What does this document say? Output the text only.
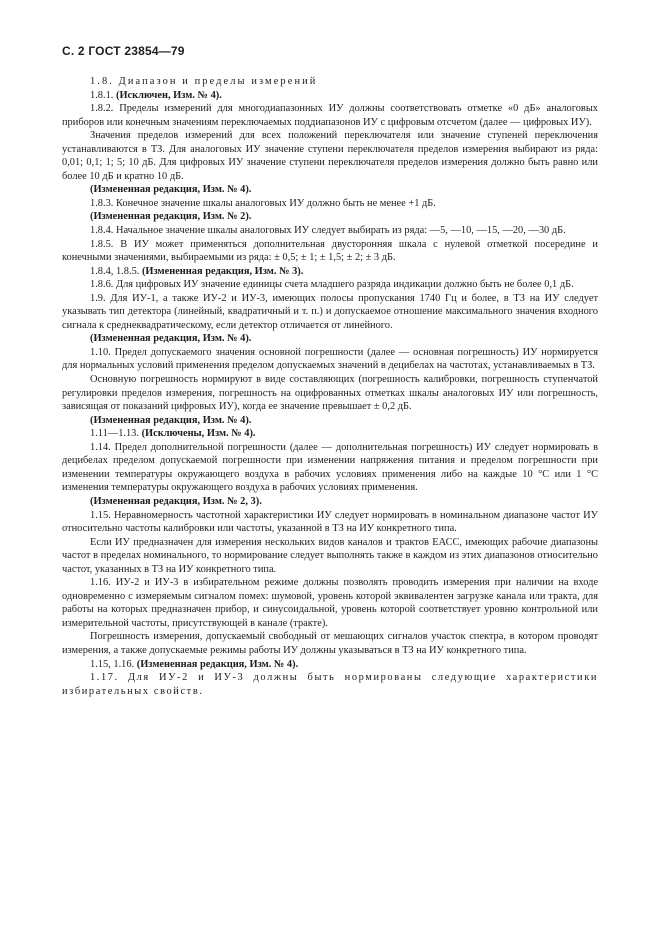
С. 2 ГОСТ 23854—79

1.8. Диапазон и пределы измерений

1.8.1. (Исключен, Изм. № 4).

1.8.2. Пределы измерений для многодиапазонных ИУ должны соответствовать отметке «0 дБ» аналоговых приборов или конечным значениям переключаемых поддиапазонов ИУ с цифровым отсчетом (далее — цифровых ИУ).

Значения пределов измерений для всех положений переключателя или значение ступеней переключения устанавливаются в ТЗ. Для аналоговых ИУ значение ступени переключателя пределов измерения выбирают из ряда: 0,01; 0,1; 1; 5; 10 дБ. Для цифровых ИУ значение ступени переключателя пределов измерения должно быть равно или более 10 дБ и кратно 10 дБ.

(Измененная редакция, Изм. № 4).

1.8.3. Конечное значение шкалы аналоговых ИУ должно быть не менее +1 дБ.

(Измененная редакция, Изм. № 2).

1.8.4. Начальное значение шкалы аналоговых ИУ следует выбирать из ряда: —5, —10, —15, —20, —30 дБ.

1.8.5. В ИУ может применяться дополнительная двусторонняя шкала с нулевой отметкой посередине и конечными значениями, выбираемыми из ряда: ± 0,5; ± 1; ± 1,5; ± 2; ± 3 дБ.

1.8.4, 1.8.5. (Измененная редакция, Изм. № 3).

1.8.6. Для цифровых ИУ значение единицы счета младшего разряда индикации должно быть не более 0,1 дБ.

1.9. Для ИУ-1, а также ИУ-2 и ИУ-3, имеющих полосы пропускания 1740 Гц и более, в ТЗ на ИУ следует указывать тип детектора (линейный, квадратичный и т. п.) и допускаемое отношение максимального значения входного сигнала к среднеквадратическому, если детектор отличается от линейного.

(Измененная редакция, Изм. № 4).

1.10. Предел допускаемого значения основной погрешности (далее — основная погрешность) ИУ нормируется для нормальных условий применения пределом допускаемых значений в децибелах на частотах, устанавливаемых в ТЗ.

Основную погрешность нормируют в виде составляющих (погрешность калибровки, погрешность ступенчатой регулировки пределов измерения, погрешность на оцифрованных отметках шкалы аналоговых ИУ или погрешность, зависящая от показаний цифровых ИУ), когда ее значение превышает ± 0,2 дБ.

(Измененная редакция, Изм. № 4).

1.11—1.13. (Исключены, Изм. № 4).

1.14. Предел дополнительной погрешности (далее — дополнительная погрешность) ИУ следует нормировать в децибелах пределом допускаемой погрешности при изменении напряжения питания и пределом погрешности при изменении температуры окружающего воздуха в рабочих условиях применения либо на каждые 10 °С или 1 °С изменения температуры окружающего воздуха в рабочих условиях применения.

(Измененная редакция, Изм. № 2, 3).

1.15. Неравномерность частотной характеристики ИУ следует нормировать в номинальном диапазоне частот ИУ относительно частоты калибровки или частоты, указанной в ТЗ на ИУ конкретного типа.

Если ИУ предназначен для измерения нескольких видов каналов и трактов ЕАСС, имеющих рабочие диапазоны частот в пределах номинального, то нормирование следует выполнять также в каждом из этих диапазонов относительно частот, указанных в ТЗ на ИУ конкретного типа.

1.16. ИУ-2 и ИУ-3 в избирательном режиме должны позволять проводить измерения при наличии на входе одновременно с измеряемым сигналом помех: шумовой, уровень которой эквивалентен загрузке канала или тракта, для работы на которых предназначен прибор, и синусоидальной, уровень которой соответствует уровню контрольной или измерительной частоты, присутствующей в канале (тракте).

Погрешность измерения, допускаемый свободный от мешающих сигналов участок спектра, в котором проводят измерения, а также допускаемые режимы работы ИУ должны указываться в ТЗ на ИУ конкретного типа.

1.15, 1.16. (Измененная редакция, Изм. № 4).

1.17. Для ИУ-2 и ИУ-3 должны быть нормированы следующие характеристики избирательных свойств.
